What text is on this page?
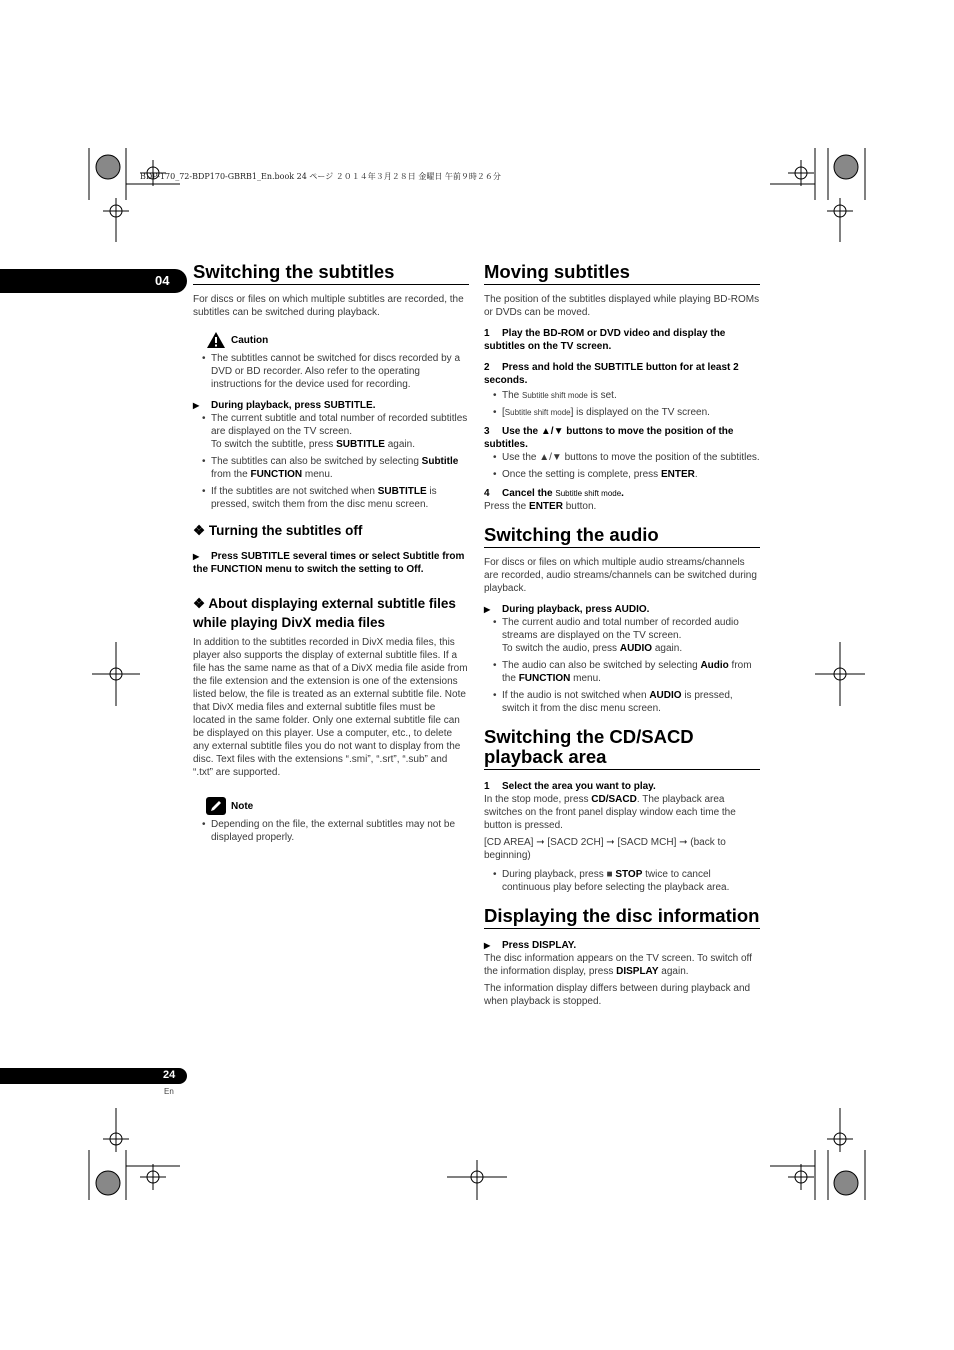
BDP-170_72-BDP170-GBRB1_En.book 24 ページ ２０１４年３月２８日 金曜日 午前９時２６分
04
24
En
Switching the subtitles

For discs or files on which multiple subtitles are recorded, the subtitles can be switched during playback.

Caution
• The subtitles cannot be switched for discs recorded by a DVD or BD recorder. Also refer to the operating instructions for the device used for recording.

▶ During playback, press SUBTITLE.

• The current subtitle and total number of recorded subtitles are displayed on the TV screen.
To switch the subtitle, press SUBTITLE again.
• The subtitles can also be switched by selecting Subtitle from the FUNCTION menu.
• If the subtitles are not switched when SUBTITLE is pressed, switch them from the disc menu screen.
❖ Turning the subtitles off

▶ Press SUBTITLE several times or select Subtitle from the FUNCTION menu to switch the setting to Off.

❖ About displaying external subtitle files while playing DivX media files

In addition to the subtitles recorded in DivX media files, this player also supports the display of external subtitle files. If a file has the same name as that of a DivX media file aside from the file extension and the extension is one of the extensions listed below, the file is treated as an external subtitle file. Note that DivX media files and external subtitle files must be located in the same folder. Only one external subtitle file can be displayed on this player. Use a computer, etc., to delete any external subtitle files you do not want to display from the disc. Text files with the extensions “.smi”, “.srt”, “.sub” and “.txt” are supported.

Note
• Depending on the file, the external subtitles may not be displayed properly.
Moving subtitles

The position of the subtitles displayed while playing BD-ROMs or DVDs can be moved.

1 Play the BD-ROM or DVD video and display the subtitles on the TV screen.

2 Press and hold the SUBTITLE button for at least 2 seconds.

• The Subtitle shift mode is set.
• [Subtitle shift mode] is displayed on the TV screen.

3 Use the ▲/▼ buttons to move the position of the subtitles.

• Use the ▲/▼ buttons to move the position of the subtitles.
• Once the setting is complete, press ENTER.

4 Cancel the Subtitle shift mode.

Press the ENTER button.

Switching the audio

For discs or files on which multiple audio streams/channels are recorded, audio streams/channels can be switched during playback.

▶ During playback, press AUDIO.

• The current audio and total number of recorded audio streams are displayed on the TV screen.
To switch the audio, press AUDIO again.
• The audio can also be switched by selecting Audio from the FUNCTION menu.
• If the audio is not switched when AUDIO is pressed, switch it from the disc menu screen.
Switching the CD/SACD playback area

1 Select the area you want to play.

In the stop mode, press CD/SACD. The playback area switches on the front panel display window each time the button is pressed.

[CD AREA] ➞ [SACD 2CH] ➞ [SACD MCH] ➞ (back to beginning)

• During playback, press ■ STOP twice to cancel continuous play before selecting the playback area.
Displaying the disc information

▶ Press DISPLAY.

The disc information appears on the TV screen. To switch off the information display, press DISPLAY again.

The information display differs between during playback and when playback is stopped.
